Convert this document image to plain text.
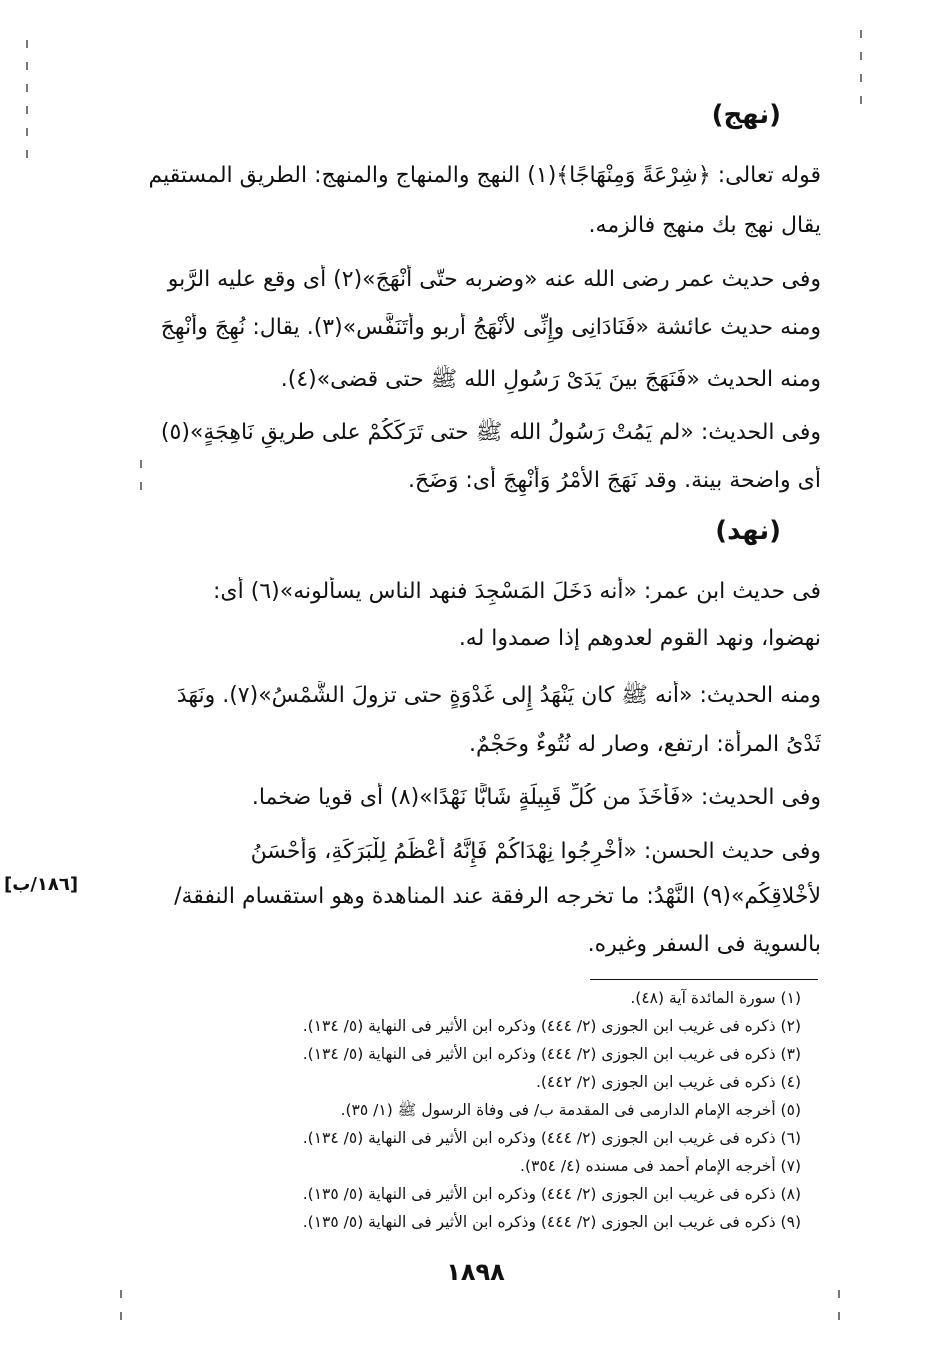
(نهج)
قوله تعالى: ﴿شِرْعَةً وَمِنْهَاجًا﴾(١) النهج والمنهاج والمنهج: الطريق المستقيم
يقال نهج بك منهج فالزمه.
وفى حديث عمر رضى الله عنه «وضربه حتّى أَنْهَجَ»(٢) أى وقع عليه الرَّبو
ومنه حديث عائشة «فَنَادَانِى وإِنِّى لأَنْهَجُ أربو وأتَنَفَّس»(٣). يقال: نُهِجَ وأُنْهِجَ
ومنه الحديث «فَنَهَجَ بينَ يَدَىْ رَسُولِ الله ﷺ حتى قضى»(٤).
وفى الحديث: «لم يَمُتْ رَسُولُ الله ﷺ حتى تَرَكَكُمْ على طريقٍ نَاهِجَةٍ»(٥)
أى واضحة بينة. وقد نَهَجَ الأَمْرُ وَأَنْهِجَ أى: وَضَحَ.
(نهد)
فى حديث ابن عمر: «أنه دَخَلَ المَسْجِدَ فنهد الناس يسألونه»(٦) أى:
نهضوا، ونهد القوم لعدوهم إذا صمدوا له.
ومنه الحديث: «أنه ﷺ كان يَنْهَدُ إِلى غَدْوَةٍ حتى تزولَ الشَّمْسُ»(٧). ونَهَدَ
ثَدْىُ المرأة: ارتفع، وصار له نُتُوءٌ وحَجْمٌ.
وفى الحديث: «فَأَخَذَ من كُلِّ قَبِيلَةٍ شَابًّا نَهْدًا»(٨) أى قويا ضخما.
وفى حديث الحسن: «أَخْرِجُوا نِهْدَاكُمْ فَإِنَّهُ أَعْظَمُ لِلْبَرَكَةِ، وَأَحْسَنُ
لأَخْلاقِكُم»(٩) النَّهْدُ: ما تخرجه الرفقة عند المناهدة وهو استقسام النفقة/
بالسوية فى السفر وغيره.
[١٨٦/ب]
(١) سورة المائدة آية (٤٨).
(٢) ذكره فى غريب ابن الجوزى (٢/ ٤٤٤) وذكره ابن الأثير فى النهاية (٥/ ١٣٤).
(٣) ذكره فى غريب ابن الجوزى (٢/ ٤٤٤) وذكره ابن الأثير فى النهاية (٥/ ١٣٤).
(٤) ذكره فى غريب ابن الجوزى (٢/ ٤٤٢).
(٥) أخرجه الإمام الدارمى فى المقدمة ب/ فى وفاة الرسول ﷺ (١/ ٣٥).
(٦) ذكره فى غريب ابن الجوزى (٢/ ٤٤٤) وذكره ابن الأثير فى النهاية (٥/ ١٣٤).
(٧) أخرجه الإمام أحمد فى مسنده (٤/ ٣٥٤).
(٨) ذكره فى غريب ابن الجوزى (٢/ ٤٤٤) وذكره ابن الأثير فى النهاية (٥/ ١٣٥).
(٩) ذكره فى غريب ابن الجوزى (٢/ ٤٤٤) وذكره ابن الأثير فى النهاية (٥/ ١٣٥).
١٨٩٨
